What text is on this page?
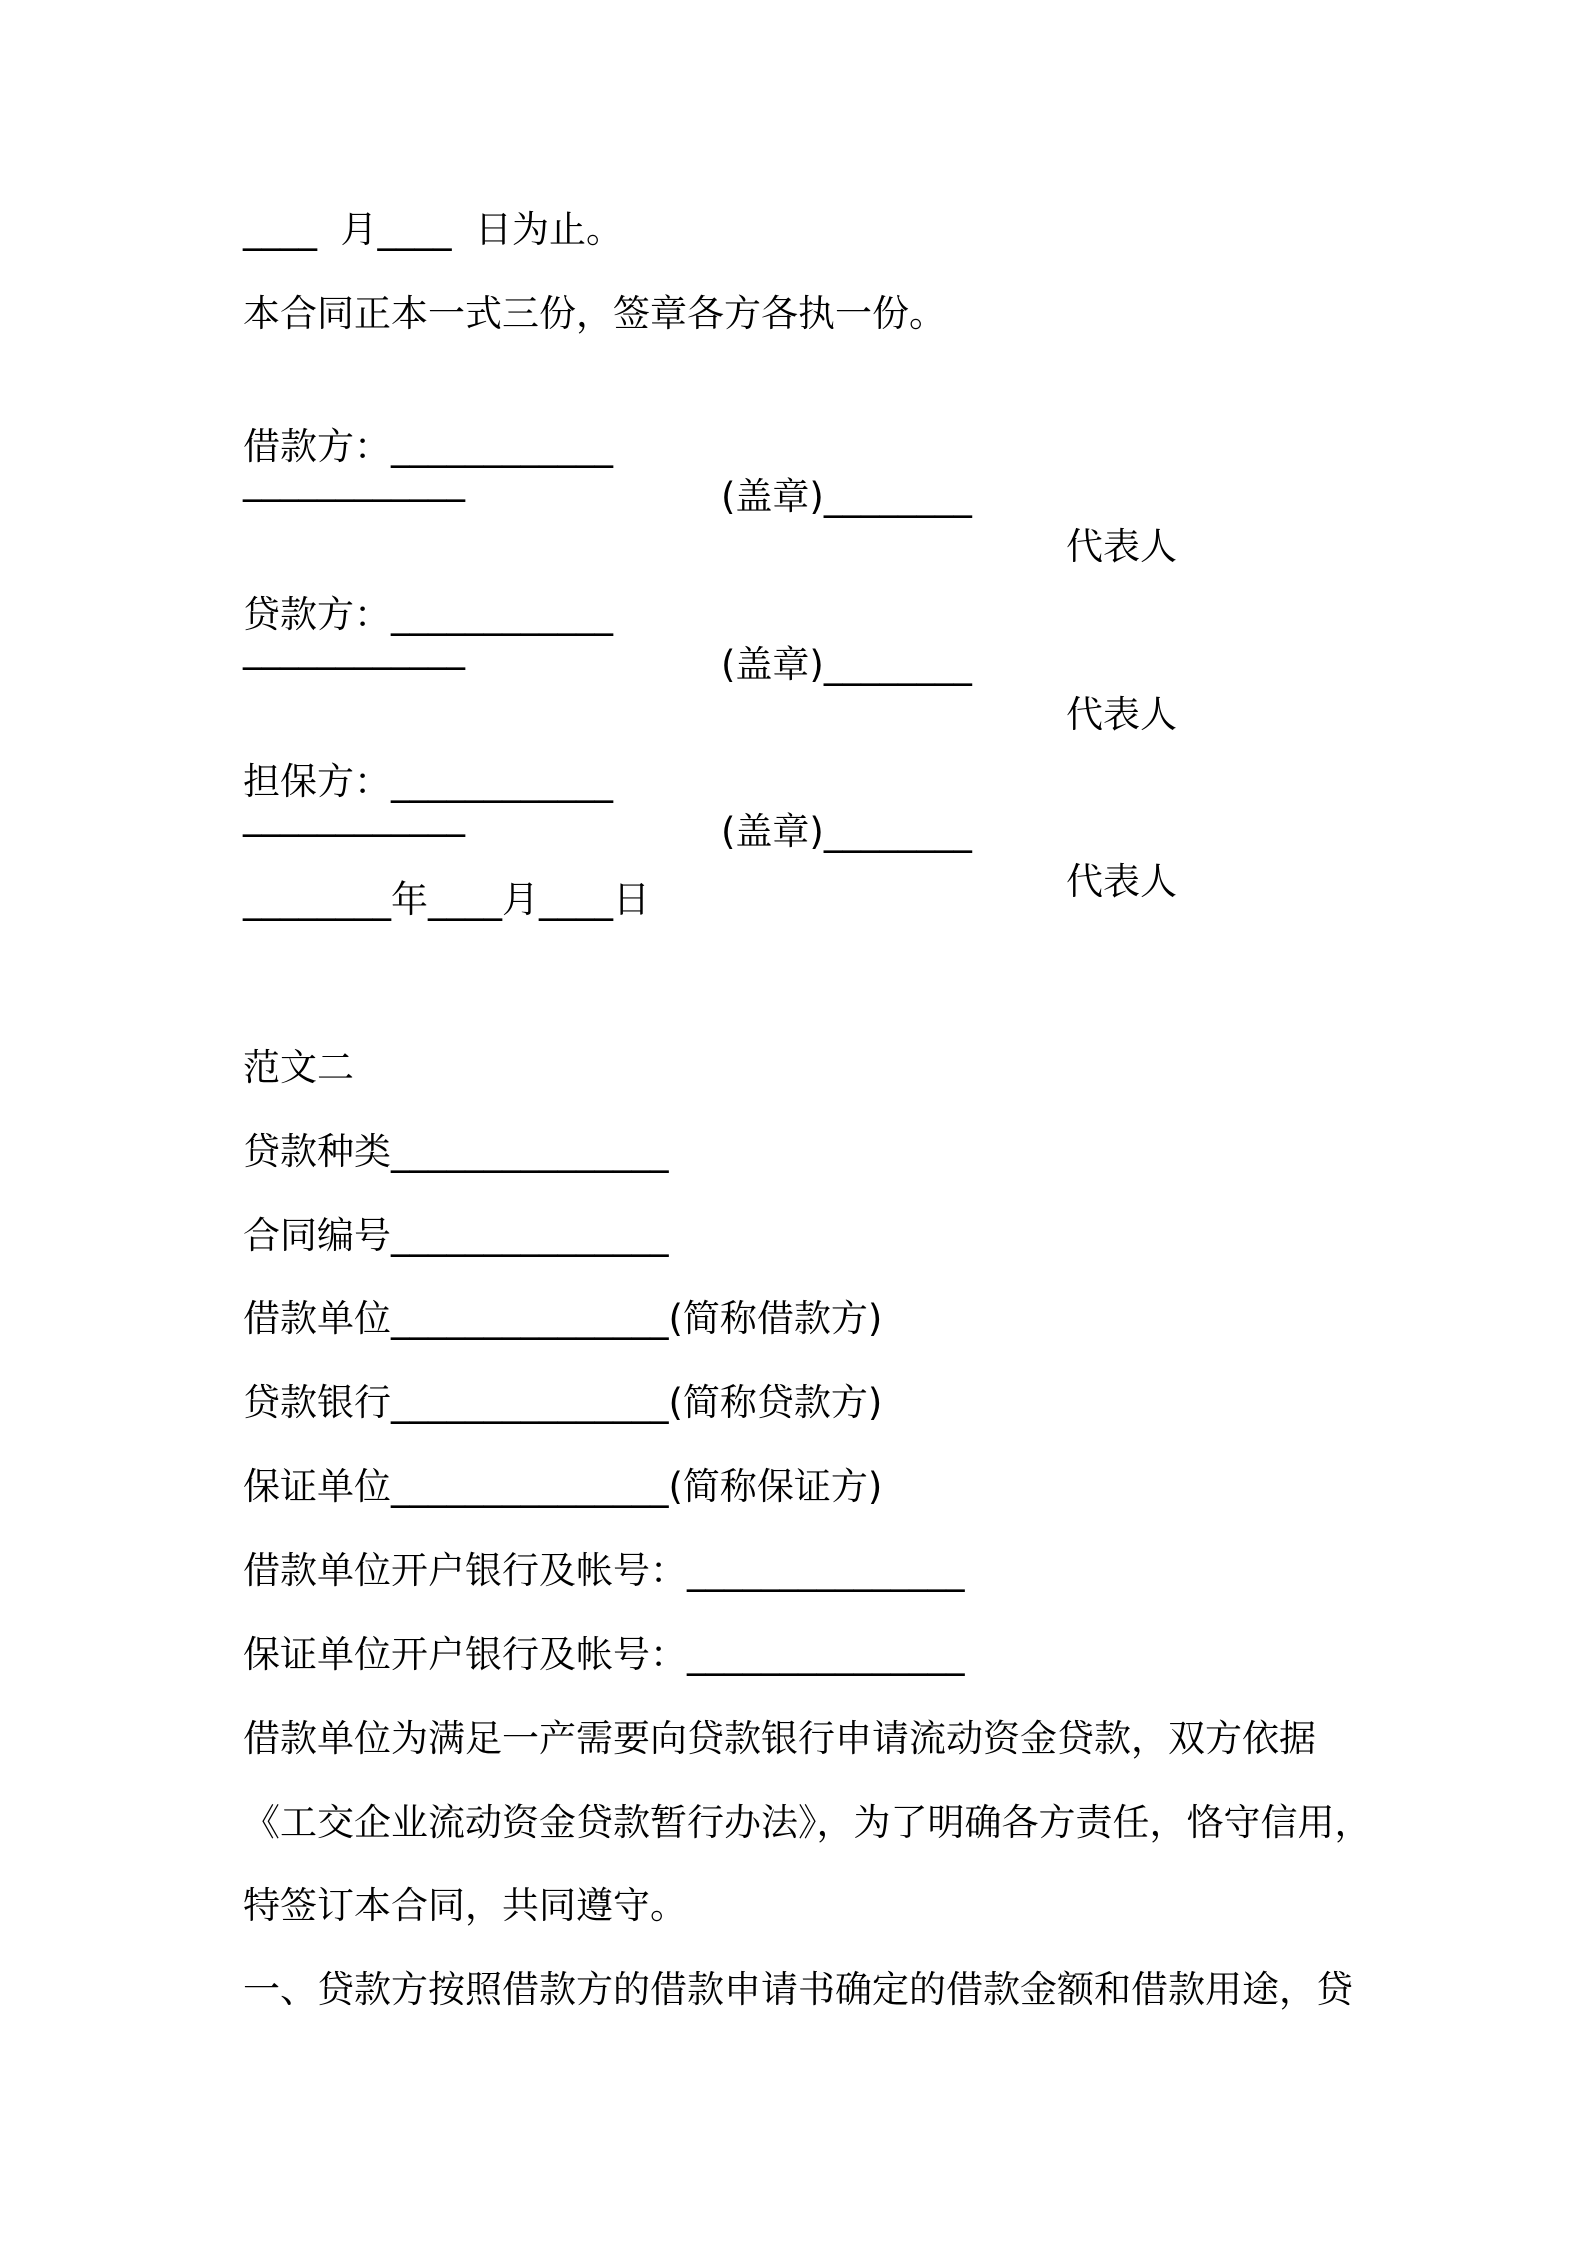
____  月____  日为止。
本合同正本一式三份，签章各方各执一份。

借款方：____________

(盖章)________

代表人

____________

贷款方：____________

(盖章)________

代表人

____________

担保方：____________

(盖章)________

代表人

____________
________年____月____日
范文二
贷款种类_______________
合同编号_______________
借款单位_______________(简称借款方)
贷款银行_______________(简称贷款方)
保证单位_______________(简称保证方)
借款单位开户银行及帐号：_______________
保证单位开户银行及帐号：_______________
借款单位为满足一产需要向贷款银行申请流动资金贷款，双方依据
《工交企业流动资金贷款暂行办法》，为了明确各方责任，恪守信用，
特签订本合同，共同遵守。
一、贷款方按照借款方的借款申请书确定的借款金额和借款用途，贷
